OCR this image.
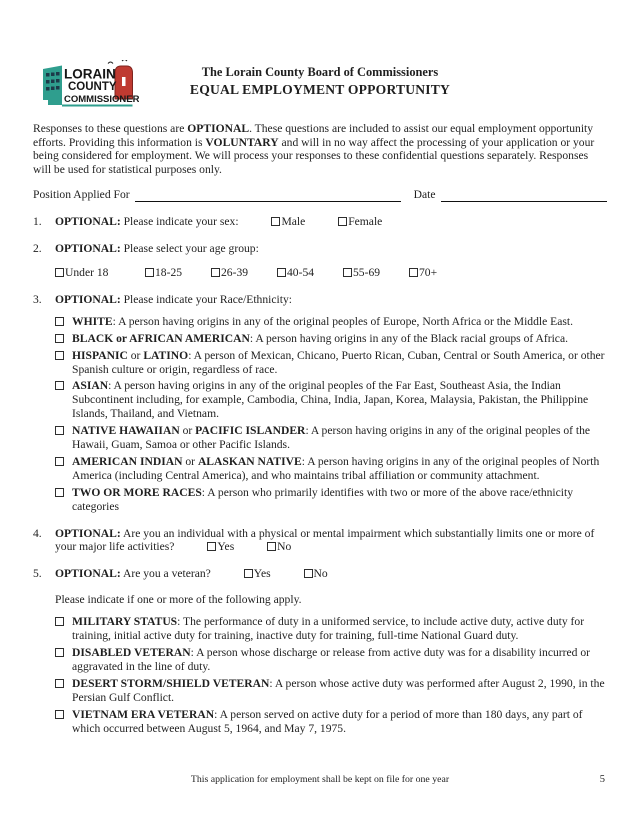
LORAIN
COUNTY
COMMISSIONERS
The Lorain County Board of Commissioners
EQUAL EMPLOYMENT OPPORTUNITY
Responses to these questions are OPTIONAL. These questions are included to assist our equal employment opportunity efforts. Providing this information is VOLUNTARY and will in no way affect the processing of your application or your being considered for employment. We will process your responses to these confidential questions separately. Responses will be used for statistical purposes only.
Position Applied For	Date
1.	OPTIONAL: Please indicate your sex:	Male	Female
2.	OPTIONAL: Please select your age group:
Under 18	18-25	26-39	40-54	55-69	70+
3.	OPTIONAL: Please indicate your Race/Ethnicity:
WHITE: A person having origins in any of the original peoples of Europe, North Africa or the Middle East.
BLACK or AFRICAN AMERICAN: A person having origins in any of the Black racial groups of Africa.
HISPANIC or LATINO: A person of Mexican, Chicano, Puerto Rican, Cuban, Central or South America, or other Spanish culture or origin, regardless of race.
ASIAN: A person having origins in any of the original peoples of the Far East, Southeast Asia, the Indian Subcontinent including, for example, Cambodia, China, India, Japan, Korea, Malaysia, Pakistan, the Philippine Islands, Thailand, and Vietnam.
NATIVE HAWAIIAN or PACIFIC ISLANDER: A person having origins in any of the original peoples of the Hawaii, Guam, Samoa or other Pacific Islands.
AMERICAN INDIAN or ALASKAN NATIVE: A person having origins in any of the original peoples of North America (including Central America), and who maintains tribal affiliation or community attachment.
TWO OR MORE RACES: A person who primarily identifies with two or more of the above race/ethnicity categories
4.	OPTIONAL: Are you an individual with a physical or mental impairment which substantially limits one or more of your major life activities?	Yes	No
5.	OPTIONAL: Are you a veteran?	Yes	No
Please indicate if one or more of the following apply.
MILITARY STATUS: The performance of duty in a uniformed service, to include active duty, active duty for training, initial active duty for training, inactive duty for training, full-time National Guard duty.
DISABLED VETERAN: A person whose discharge or release from active duty was for a disability incurred or aggravated in the line of duty.
DESERT STORM/SHIELD VETERAN: A person whose active duty was performed after August 2, 1990, in the Persian Gulf Conflict.
VIETNAM ERA VETERAN: A person served on active duty for a period of more than 180 days, any part of which occurred between August 5, 1964, and May 7, 1975.
This application for employment shall be kept on file for one year	5
